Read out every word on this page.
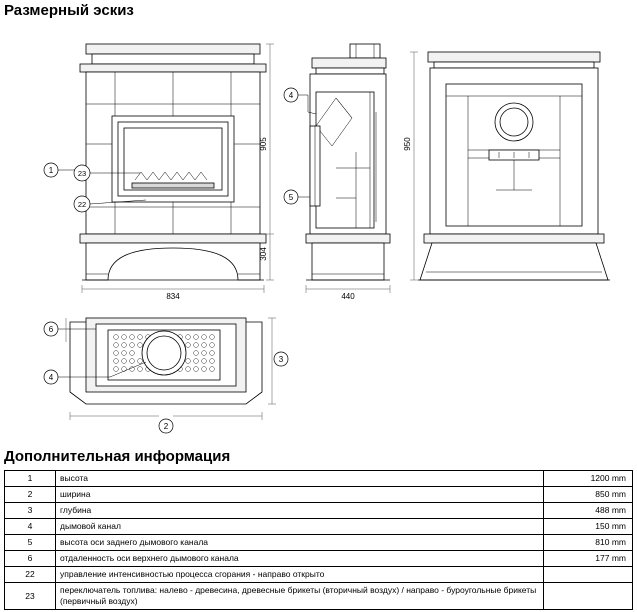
Размерный эскиз
1	23
22
905
304
834
4
5
440
950
6
4
3
2
Дополнительная информация
1	высота	1200 mm
2	ширина	850 mm
3	глубина	488 mm
4	дымовой канал	150 mm
5	высота оси заднего дымового канала	810 mm
6	отдаленность оси верхнего дымового канала	177 mm
22	управление интенсивностью процесса сгорания - направо открыто	
23	переключатель топлива: налево - древесина, древесные брикеты (вторичный воздух) / направо - буроугольные брикеты (первичный воздух)	
